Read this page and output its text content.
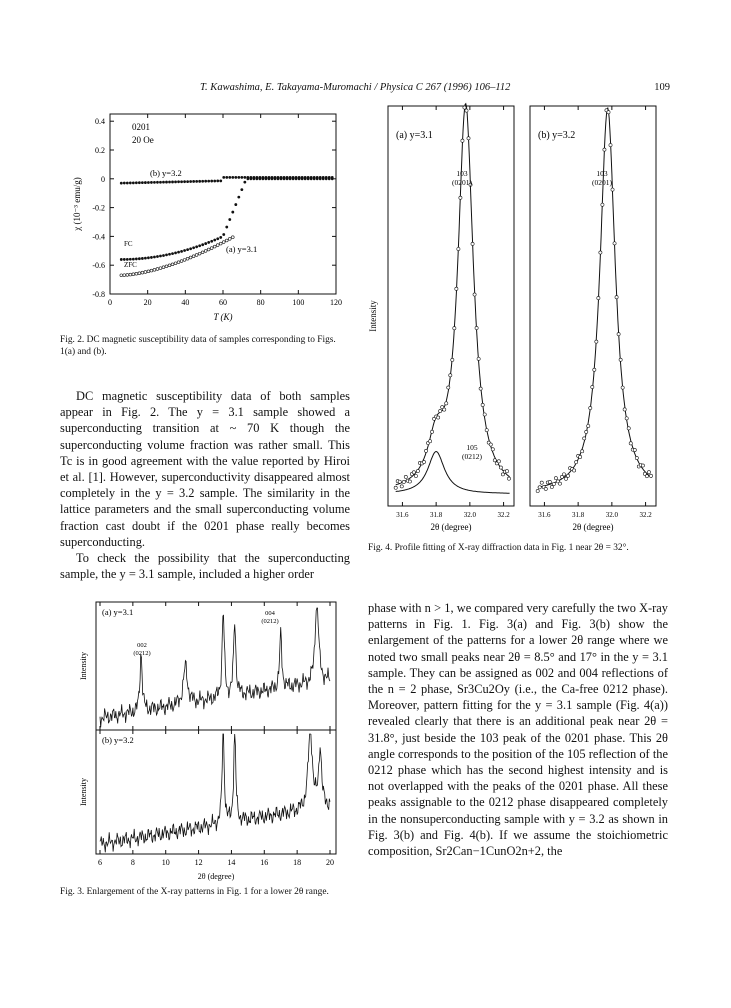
T. Kawashima, E. Takayama-Muromachi / Physica C 267 (1996) 106–112	109
0.4
0.2
0
-0.2
-0.4
-0.6
-0.8
0	20	40	60	80	100	120
0201
20 Oe
(b) y=3.2
(a) y=3.1
FC
ZFC
χ (10⁻³ emu/g)
T (K)
Fig. 2. DC magnetic susceptibility data of samples corresponding to Figs. 1(a) and (b).
(a) y=3.1	(b) y=3.2
103
(0201)
103
(0201)
105
(0212)
Intensity
31.6	31.8	32.0	32.2	31.6	31.8	32.0	32.2
2θ (degree)	2θ (degree)
Fig. 4. Profile fitting of X-ray diffraction data in Fig. 1 near 2θ = 32°.
(a) y=3.1
(b) y=3.2
002
(0212)
004
(0212)
Intensity
Intensity
6	8	10	12	14	16	18	20
2θ (degree)
Fig. 3. Enlargement of the X-ray patterns in Fig. 1 for a lower 2θ range.

DC magnetic susceptibility data of both samples appear in Fig. 2. The y = 3.1 sample showed a superconducting transition at ~ 70 K though the superconducting volume fraction was rather small. This Tc is in good agreement with the value reported by Hiroi et al. [1]. However, superconductivity disappeared almost completely in the y = 3.2 sample. The similarity in the lattice parameters and the small superconducting volume fraction cast doubt if the 0201 phase really becomes superconducting.

To check the possibility that the superconducting sample, the y = 3.1 sample, included a higher order

phase with n > 1, we compared very carefully the two X-ray patterns in Fig. 1. Fig. 3(a) and Fig. 3(b) show the enlargement of the patterns for a lower 2θ range where we noted two small peaks near 2θ = 8.5° and 17° in the y = 3.1 sample. They can be assigned as 002 and 004 reflections of the n = 2 phase, Sr3Cu2Oy (i.e., the Ca-free 0212 phase). Moreover, pattern fitting for the y = 3.1 sample (Fig. 4(a)) revealed clearly that there is an additional peak near 2θ = 31.8°, just beside the 103 peak of the 0201 phase. This 2θ angle corresponds to the position of the 105 reflection of the 0212 phase which has the second highest intensity and is not overlapped with the peaks of the 0201 phase. All these peaks assignable to the 0212 phase disappeared completely in the nonsuperconducting sample with y = 3.2 as shown in Fig. 3(b) and Fig. 4(b). If we assume the stoichiometric composition, Sr2Can−1CunO2n+2, the
